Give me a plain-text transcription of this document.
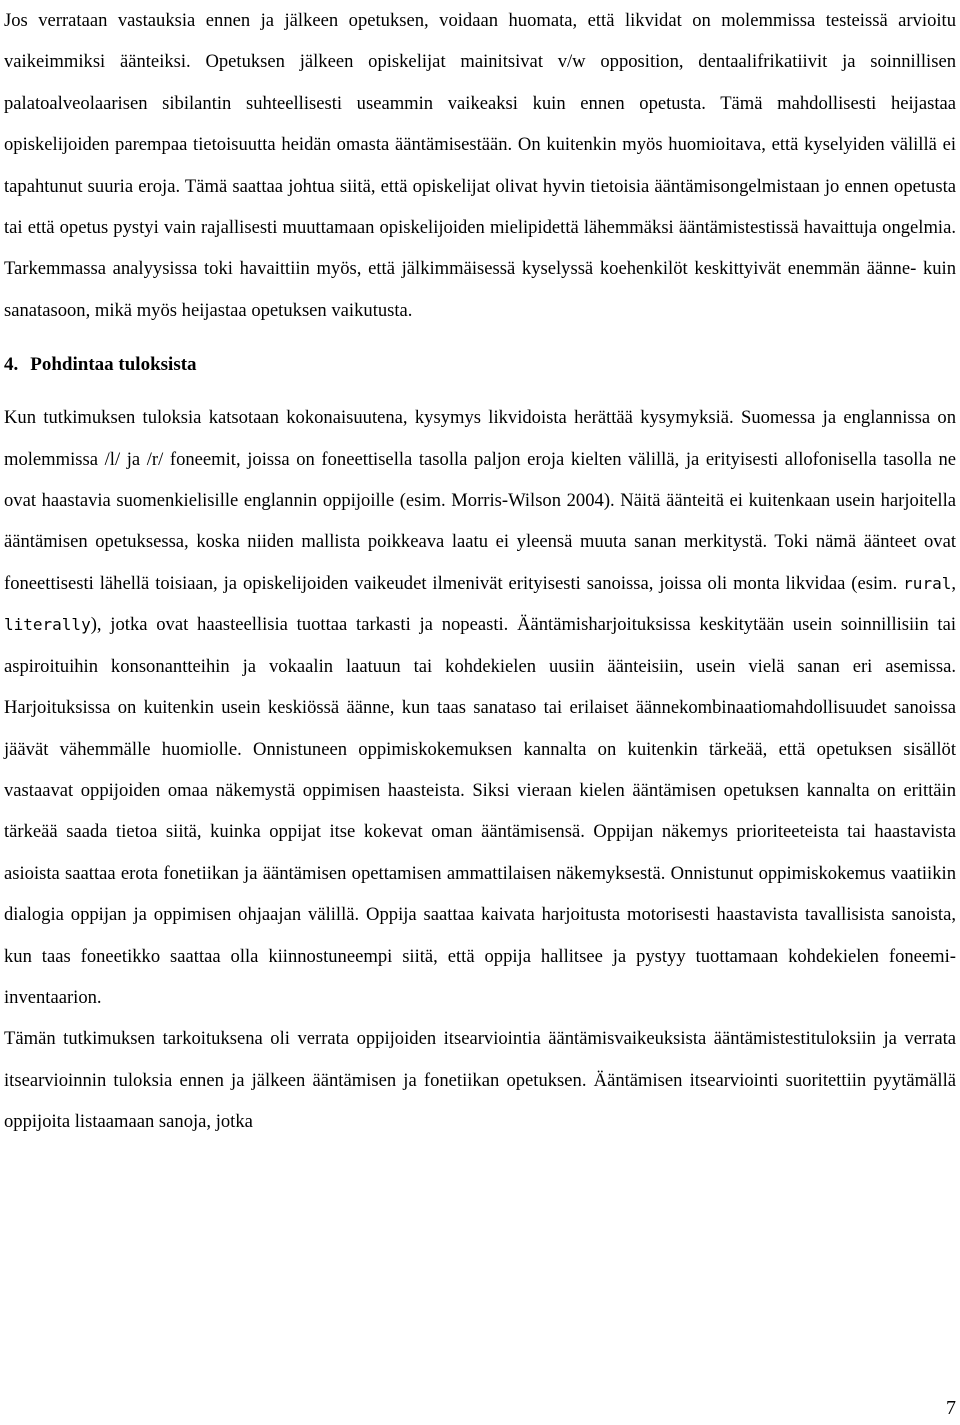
Jos verrataan vastauksia ennen ja jälkeen opetuksen, voidaan huomata, että likvidat on molemmissa testeissä arvioitu vaikeimmiksi äänteiksi. Opetuksen jälkeen opiskelijat mainitsivat v/w opposition, dentaalifrikatiivit ja soinnillisen palatoalveolaarisen sibilantin suhteellisesti useammin vaikeaksi kuin ennen opetusta. Tämä mahdollisesti heijastaa opiskelijoiden parempaa tietoisuutta heidän omasta ääntämisestään. On kuitenkin myös huomioitava, että kyselyiden välillä ei tapahtunut suuria eroja. Tämä saattaa johtua siitä, että opiskelijat olivat hyvin tietoisia ääntämisongelmistaan jo ennen opetusta tai että opetus pystyi vain rajallisesti muuttamaan opiskelijoiden mielipidettä lähemmäksi ääntämistestissä havaittuja ongelmia. Tarkemmassa analyysissa toki havaittiin myös, että jälkimmäisessä kyselyssä koehenkilöt keskittyivät enemmän äänne- kuin sanatasoon, mikä myös heijastaa opetuksen vaikutusta.

4. Pohdintaa tuloksista

Kun tutkimuksen tuloksia katsotaan kokonaisuutena, kysymys likvidoista herättää kysymyksiä. Suomessa ja englannissa on molemmissa /l/ ja /r/ foneemit, joissa on foneettisella tasolla paljon eroja kielten välillä, ja erityisesti allofonisella tasolla ne ovat haastavia suomenkielisille englannin oppijoille (esim. Morris-Wilson 2004). Näitä äänteitä ei kuitenkaan usein harjoitella ääntämisen opetuksessa, koska niiden mallista poikkeava laatu ei yleensä muuta sanan merkitystä. Toki nämä äänteet ovat foneettisesti lähellä toisiaan, ja opiskelijoiden vaikeudet ilmenivät erityisesti sanoissa, joissa oli monta likvidaa (esim. rural, literally), jotka ovat haasteellisia tuottaa tarkasti ja nopeasti. Ääntämisharjoituksissa keskitytään usein soinnillisiin tai aspiroituihin konsonantteihin ja vokaalin laatuun tai kohdekielen uusiin äänteisiin, usein vielä sanan eri asemissa. Harjoituksissa on kuitenkin usein keskiössä äänne, kun taas sanataso tai erilaiset äännekombinaatiomahdollisuudet sanoissa jäävät vähemmälle huomiolle. Onnistuneen oppimiskokemuksen kannalta on kuitenkin tärkeää, että opetuksen sisällöt vastaavat oppijoiden omaa näkemystä oppimisen haasteista. Siksi vieraan kielen ääntämisen opetuksen kannalta on erittäin tärkeää saada tietoa siitä, kuinka oppijat itse kokevat oman ääntämisensä. Oppijan näkemys prioriteeteista tai haastavista asioista saattaa erota fonetiikan ja ääntämisen opettamisen ammattilaisen näkemyksestä. Onnistunut oppimiskokemus vaatiikin dialogia oppijan ja oppimisen ohjaajan välillä. Oppija saattaa kaivata harjoitusta motorisesti haastavista tavallisista sanoista, kun taas foneetikko saattaa olla kiinnostuneempi siitä, että oppija hallitsee ja pystyy tuottamaan kohdekielen foneemi-inventaarion.

Tämän tutkimuksen tarkoituksena oli verrata oppijoiden itsearviointia ääntämisvaikeuksista ääntämistestituloksiin ja verrata itsearvioinnin tuloksia ennen ja jälkeen ääntämisen ja fonetiikan opetuksen. Ääntämisen itsearviointi suoritettiin pyytämällä oppijoita listaamaan sanoja, jotka

7
